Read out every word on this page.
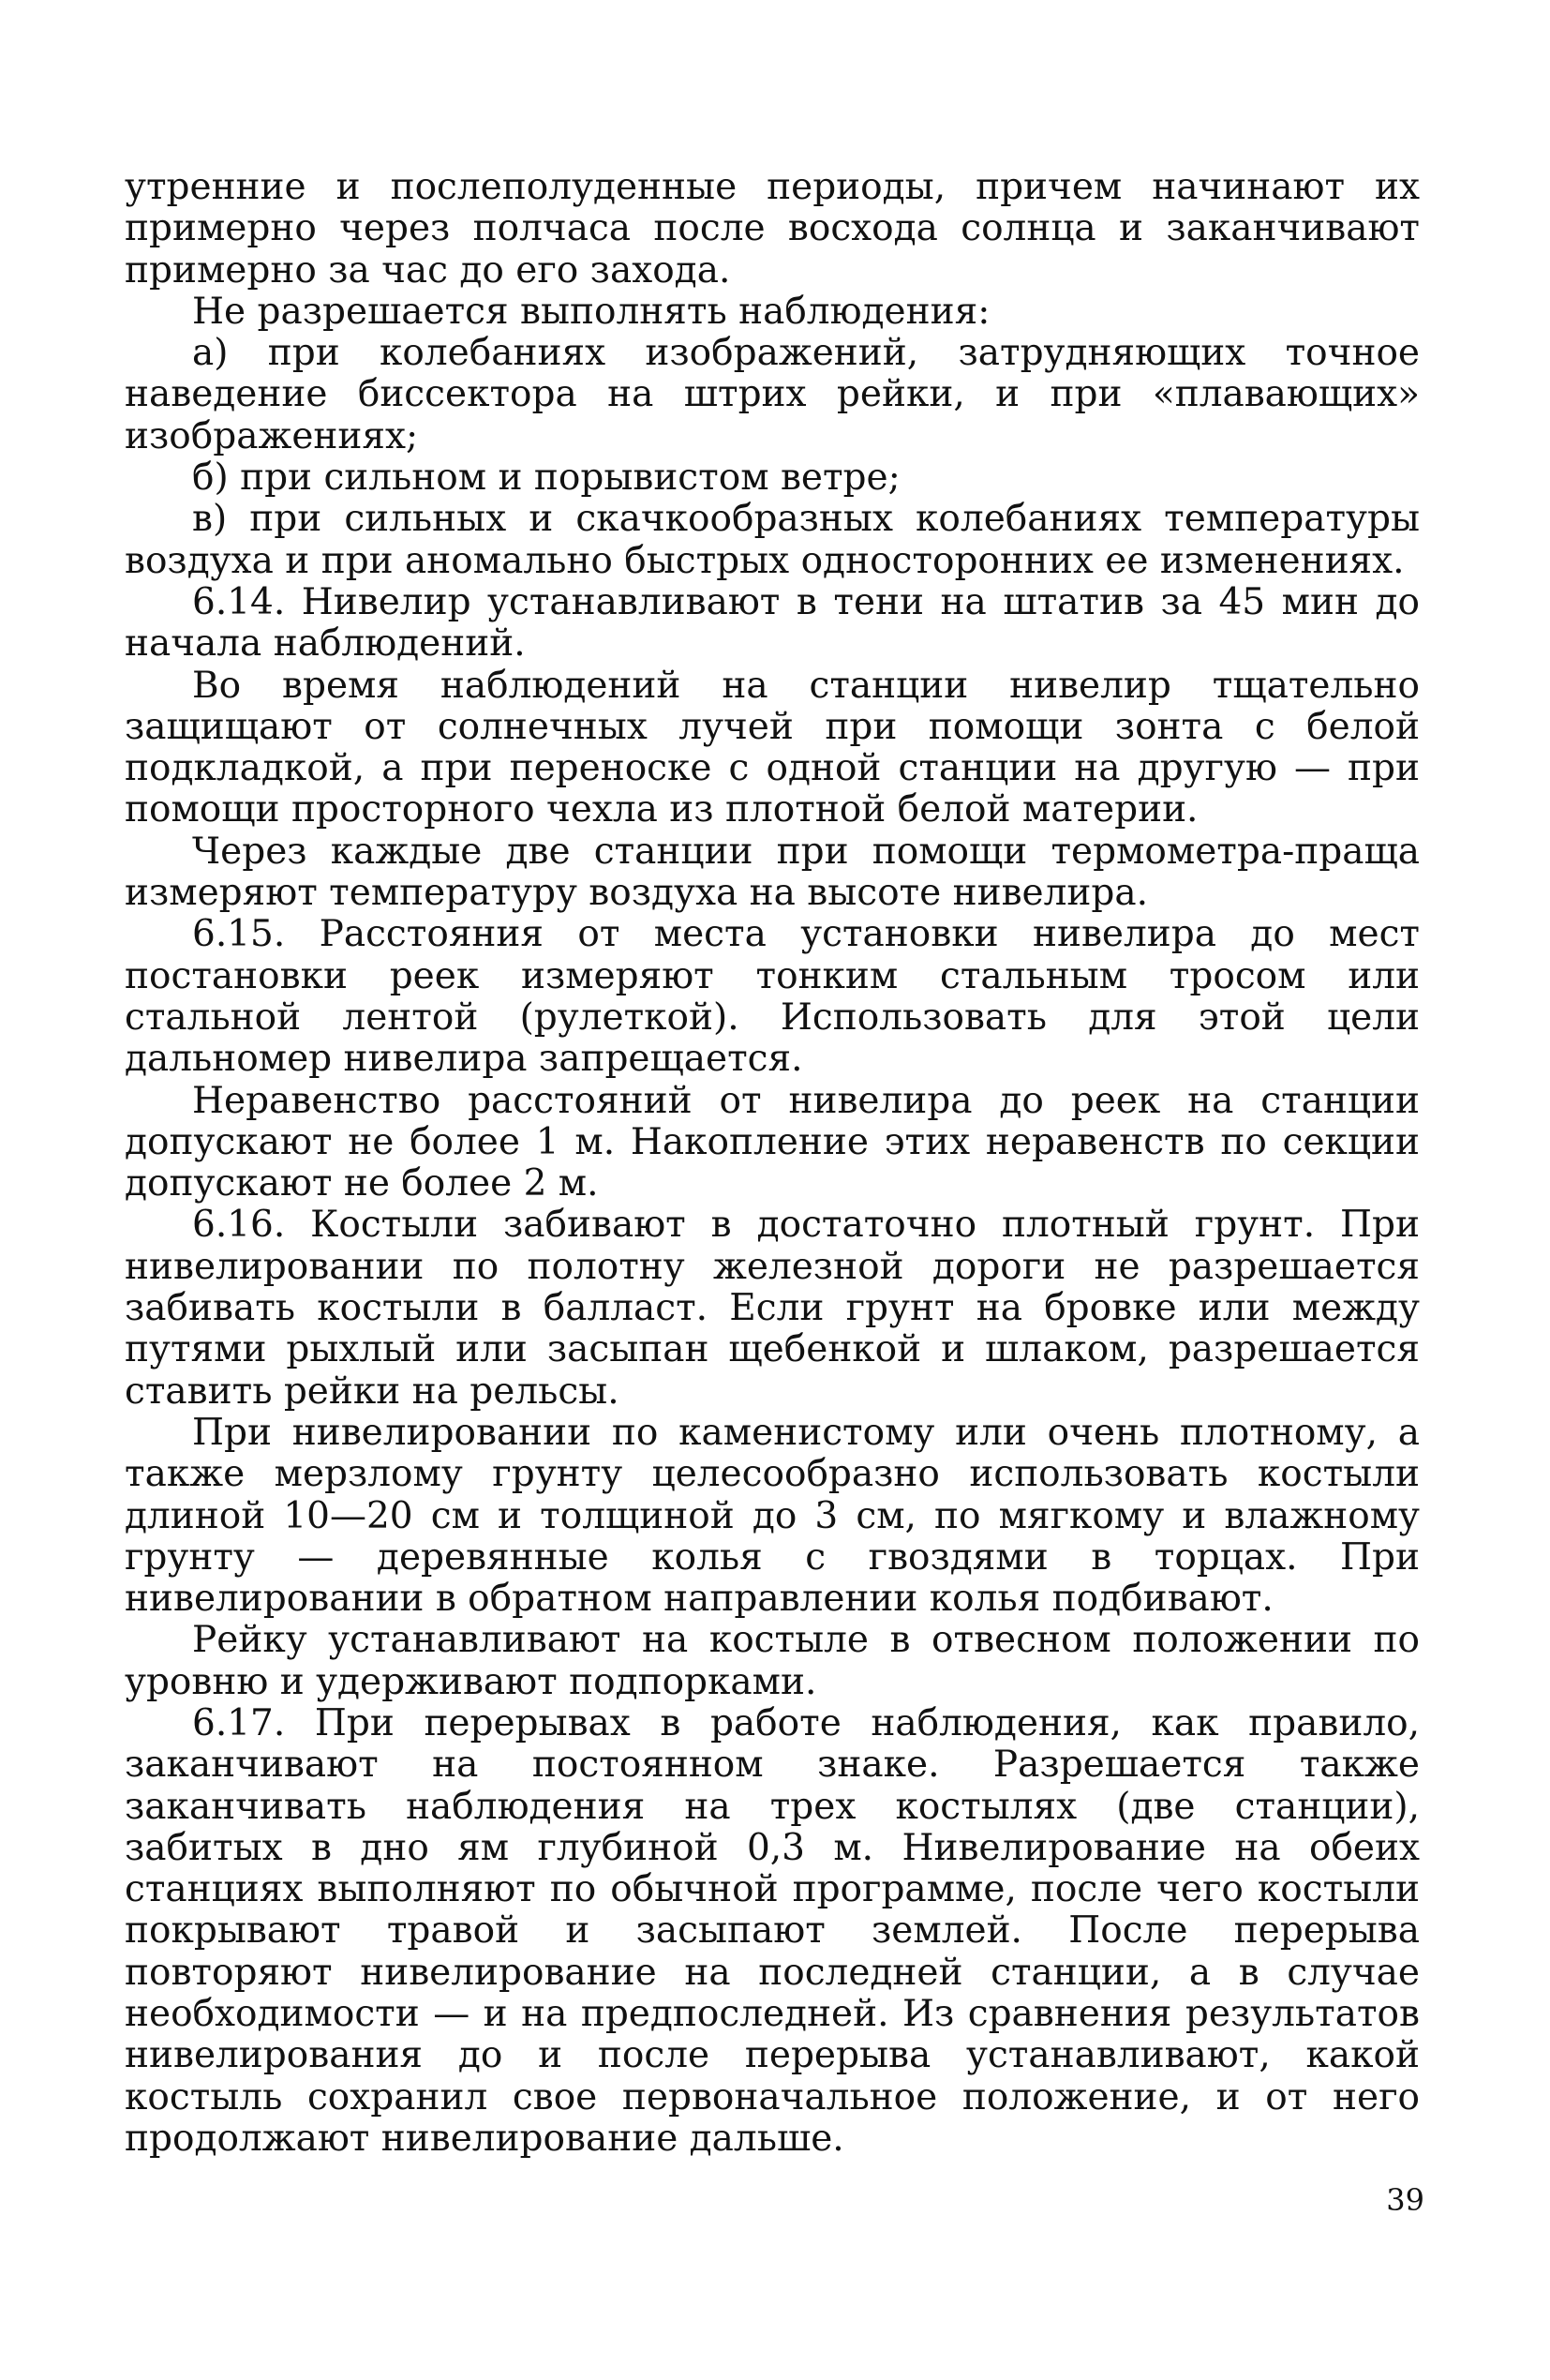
утренние и послеполуденные периоды, причем начинают их примерно через полчаса после восхода солнца и заканчивают примерно за час до его захода.

Не разрешается выполнять наблюдения:

а) при колебаниях изображений, затрудняющих точное наведение биссектора на штрих рейки, и при «плавающих» изображениях;

б) при сильном и порывистом ветре;

в) при сильных и скачкообразных колебаниях температуры воздуха и при аномально быстрых односторонних ее изменениях.

6.14. Нивелир устанавливают в тени на штатив за 45 мин до начала наблюдений.

Во время наблюдений на станции нивелир тщательно защищают от солнечных лучей при помощи зонта с белой подкладкой, а при переноске с одной станции на другую — при помощи просторного чехла из плотной белой материи.

Через каждые две станции при помощи термометра-праща измеряют температуру воздуха на высоте нивелира.

6.15. Расстояния от места установки нивелира до мест постановки реек измеряют тонким стальным тросом или стальной лентой (рулеткой). Использовать для этой цели дальномер нивелира запрещается.

Неравенство расстояний от нивелира до реек на станции допускают не более 1 м. Накопление этих неравенств по секции допускают не более 2 м.

6.16. Костыли забивают в достаточно плотный грунт. При нивелировании по полотну железной дороги не разрешается забивать костыли в балласт. Если грунт на бровке или между путями рыхлый или засыпан щебенкой и шлаком, разрешается ставить рейки на рельсы.

При нивелировании по каменистому или очень плотному, а также мерзлому грунту целесообразно использовать костыли длиной 10—20 см и толщиной до 3 см, по мягкому и влажному грунту — деревянные колья с гвоздями в торцах. При нивелировании в обратном направлении колья подбивают.

Рейку устанавливают на костыле в отвесном положении по уровню и удерживают подпорками.

6.17. При перерывах в работе наблюдения, как правило, заканчивают на постоянном знаке. Разрешается также заканчивать наблюдения на трех костылях (две станции), забитых в дно ям глубиной 0,3 м. Нивелирование на обеих станциях выполняют по обычной программе, после чего костыли покрывают травой и засыпают землей. После перерыва повторяют нивелирование на последней станции, а в случае необходимости — и на предпоследней. Из сравнения результатов нивелирования до и после перерыва устанавливают, какой костыль сохранил свое первоначальное положение, и от него продолжают нивелирование дальше.

39
